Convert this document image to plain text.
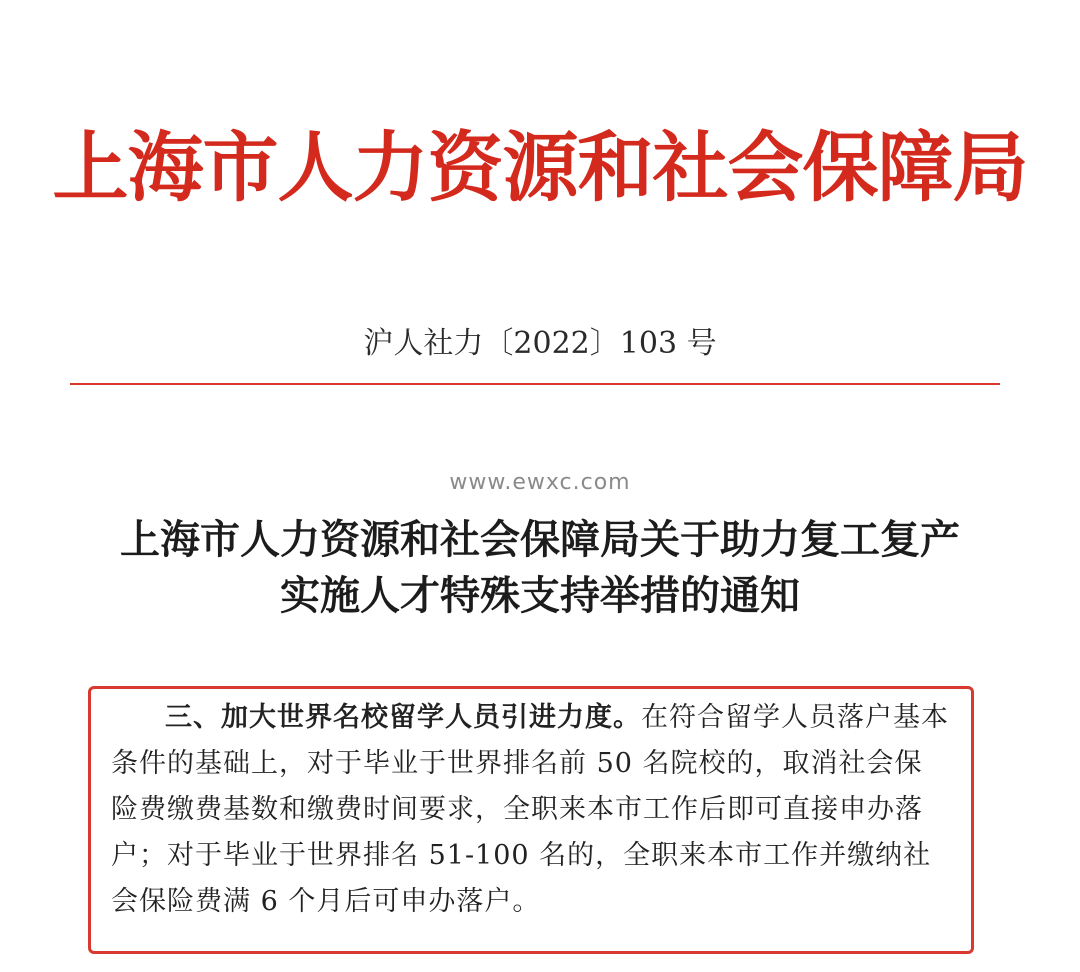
上海市人力资源和社会保障局
沪人社力〔2022〕103 号
www.ewxc.com
上海市人力资源和社会保障局关于助力复工复产
实施人才特殊支持举措的通知

三、加大世界名校留学人员引进力度。在符合留学人员落户基本条件的基础上，对于毕业于世界排名前 50 名院校的，取消社会保险费缴费基数和缴费时间要求，全职来本市工作后即可直接申办落户；对于毕业于世界排名 51-100 名的，全职来本市工作并缴纳社会保险费满 6 个月后可申办落户。
